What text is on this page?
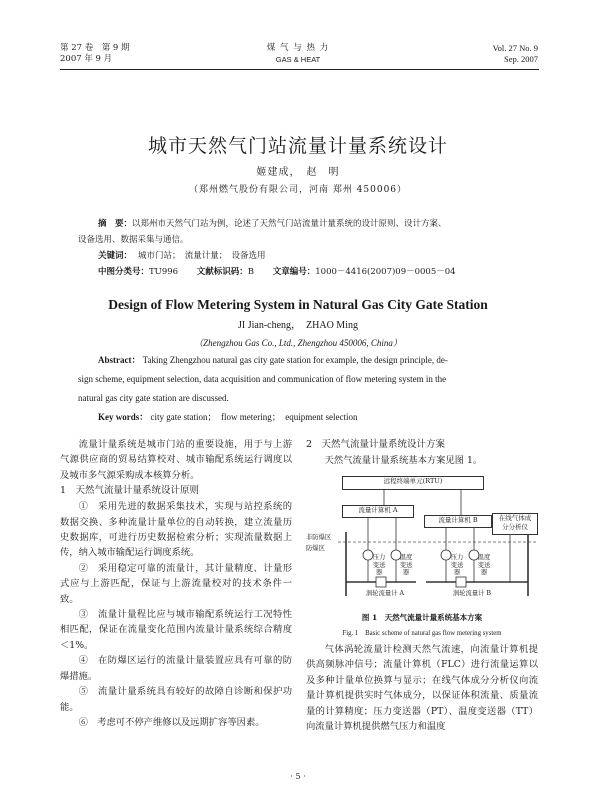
第 27 卷　第 9 期
2007 年 9 月
煤 气 与 热 力
GAS & HEAT
Vol. 27 No. 9
Sep. 2007
城市天然气门站流量计量系统设计
姬建成，　赵　明
（郑州燃气股份有限公司，河南 郑州 450006）
摘　要：以郑州市天然气门站为例，论述了天然气门站流量计量系统的设计原则、设计方案、
设备选用、数据采集与通信。
关键词： 城市门站；　流量计量；　设备选用
中图分类号：TU996 文献标识码：B 文章编号：1000－4416(2007)09－0005－04
Design of Flow Metering System in Natural Gas City Gate Station
JI Jian-cheng，　ZHAO Ming
（Zhengzhou Gas Co., Ltd., Zhengzhou 450006, China）
Abstract： Taking Zhengzhou natural gas city gate station for example, the design principle, de-
sign scheme, equipment selection, data acquisition and communication of flow metering system in the
natural gas city gate station are discussed.
Key words： city gate station；　flow metering；　equipment selection

流量计量系统是城市门站的重要设施，用于与上游气源供应商的贸易结算校对、城市输配系统运行调度以及城市多气源采购成本核算分析。

1　天然气流量计量系统设计原则

①　采用先进的数据采集技术，实现与站控系统的数据交换、多种流量计量单位的自动转换，建立流量历史数据库，可进行历史数据检索分析；实现流量数据上传，纳入城市输配运行调度系统。

②　采用稳定可靠的流量计，其计量精度、计量形式应与上游匹配，保证与上游流量校对的技术条件一致。

③　流量计量程比应与城市输配系统运行工况特性相匹配，保证在流量变化范围内流量计量系统综合精度＜1%。

④　在防爆区运行的流量计量装置应具有可靠的防爆措施。

⑤　流量计量系统具有较好的故障自诊断和保护功能。

⑥　考虑可不停产维修以及远期扩容等因素。

2　天然气流量计量系统设计方案

天然气流量计量系统基本方案见图 1。

远程终端单元(RTU)
流量计算机 A
流量计算机 B	在线气体成
分分析仪
非防爆区
防爆区
压力
变送
器
温度
变送
器
压力
变送
器
温度
变送
器
涡轮流量计 A	涡轮流量计 B
图 1　天然气流量计量系统基本方案
Fig. 1　Basic scheme of natural gas flow metering system

气体涡轮流量计检测天然气流速，向流量计算机提供高频脉冲信号；流量计算机（FLC）进行流量运算以及多种计量单位换算与显示；在线气体成分分析仪向流量计算机提供实时气体成分，以保证体积流量、质量流量的计算精度；压力变送器（PT）、温度变送器（TT）向流量计算机提供燃气压力和温度

· 5 ·
